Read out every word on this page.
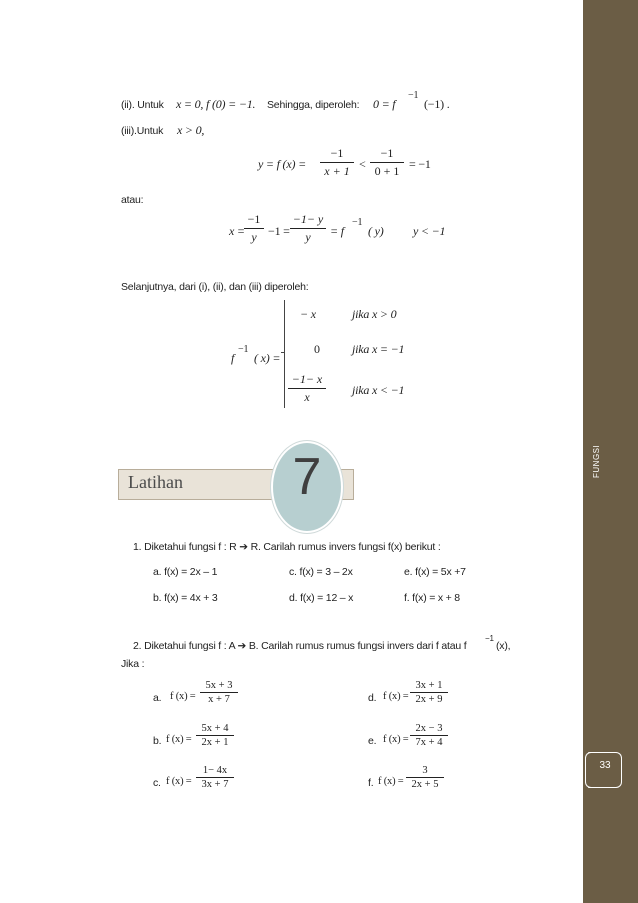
FUNGSI
33
(ii). Untuk x = 0, f (0) = −1. Sehingga, diperoleh: 0 = f
−1
(−1) .
(iii).Untuk x > 0,
y = f (x) =
−1
x + 1 <
−1
0 + 1 = −1
atau:
x =
−1
y −1 =
−1− y
y	= f
−1
( y) y < −1
Selanjutnya, dari (i), (ii), dan (iii) diperoleh:
f
−1
( x) =
− x	jika x > 0
0	jika x = −1
−1− x
x	jika x < −1
Latihan	7
1. Diketahui fungsi f : R ➔ R. Carilah rumus invers fungsi f(x) berikut :
a. f(x) = 2x – 1	c. f(x) = 3 – 2x	e. f(x) = 5x +7
b. f(x) = 4x + 3	d. f(x) = 12 – x	f. f(x) = x + 8
2. Diketahui fungsi f : A ➔ B. Carilah rumus rumus fungsi invers dari f atau f
−1
(x),
Jika :
a. f (x) =
5x + 3
x + 7	d. f (x) =
3x + 1
2x + 9
b. f (x) =
5x + 4
2x + 1	e. f (x) =
2x − 3
7x + 4
c. f (x) =
1− 4x
3x + 7	f. f (x) =
3
2x + 5
